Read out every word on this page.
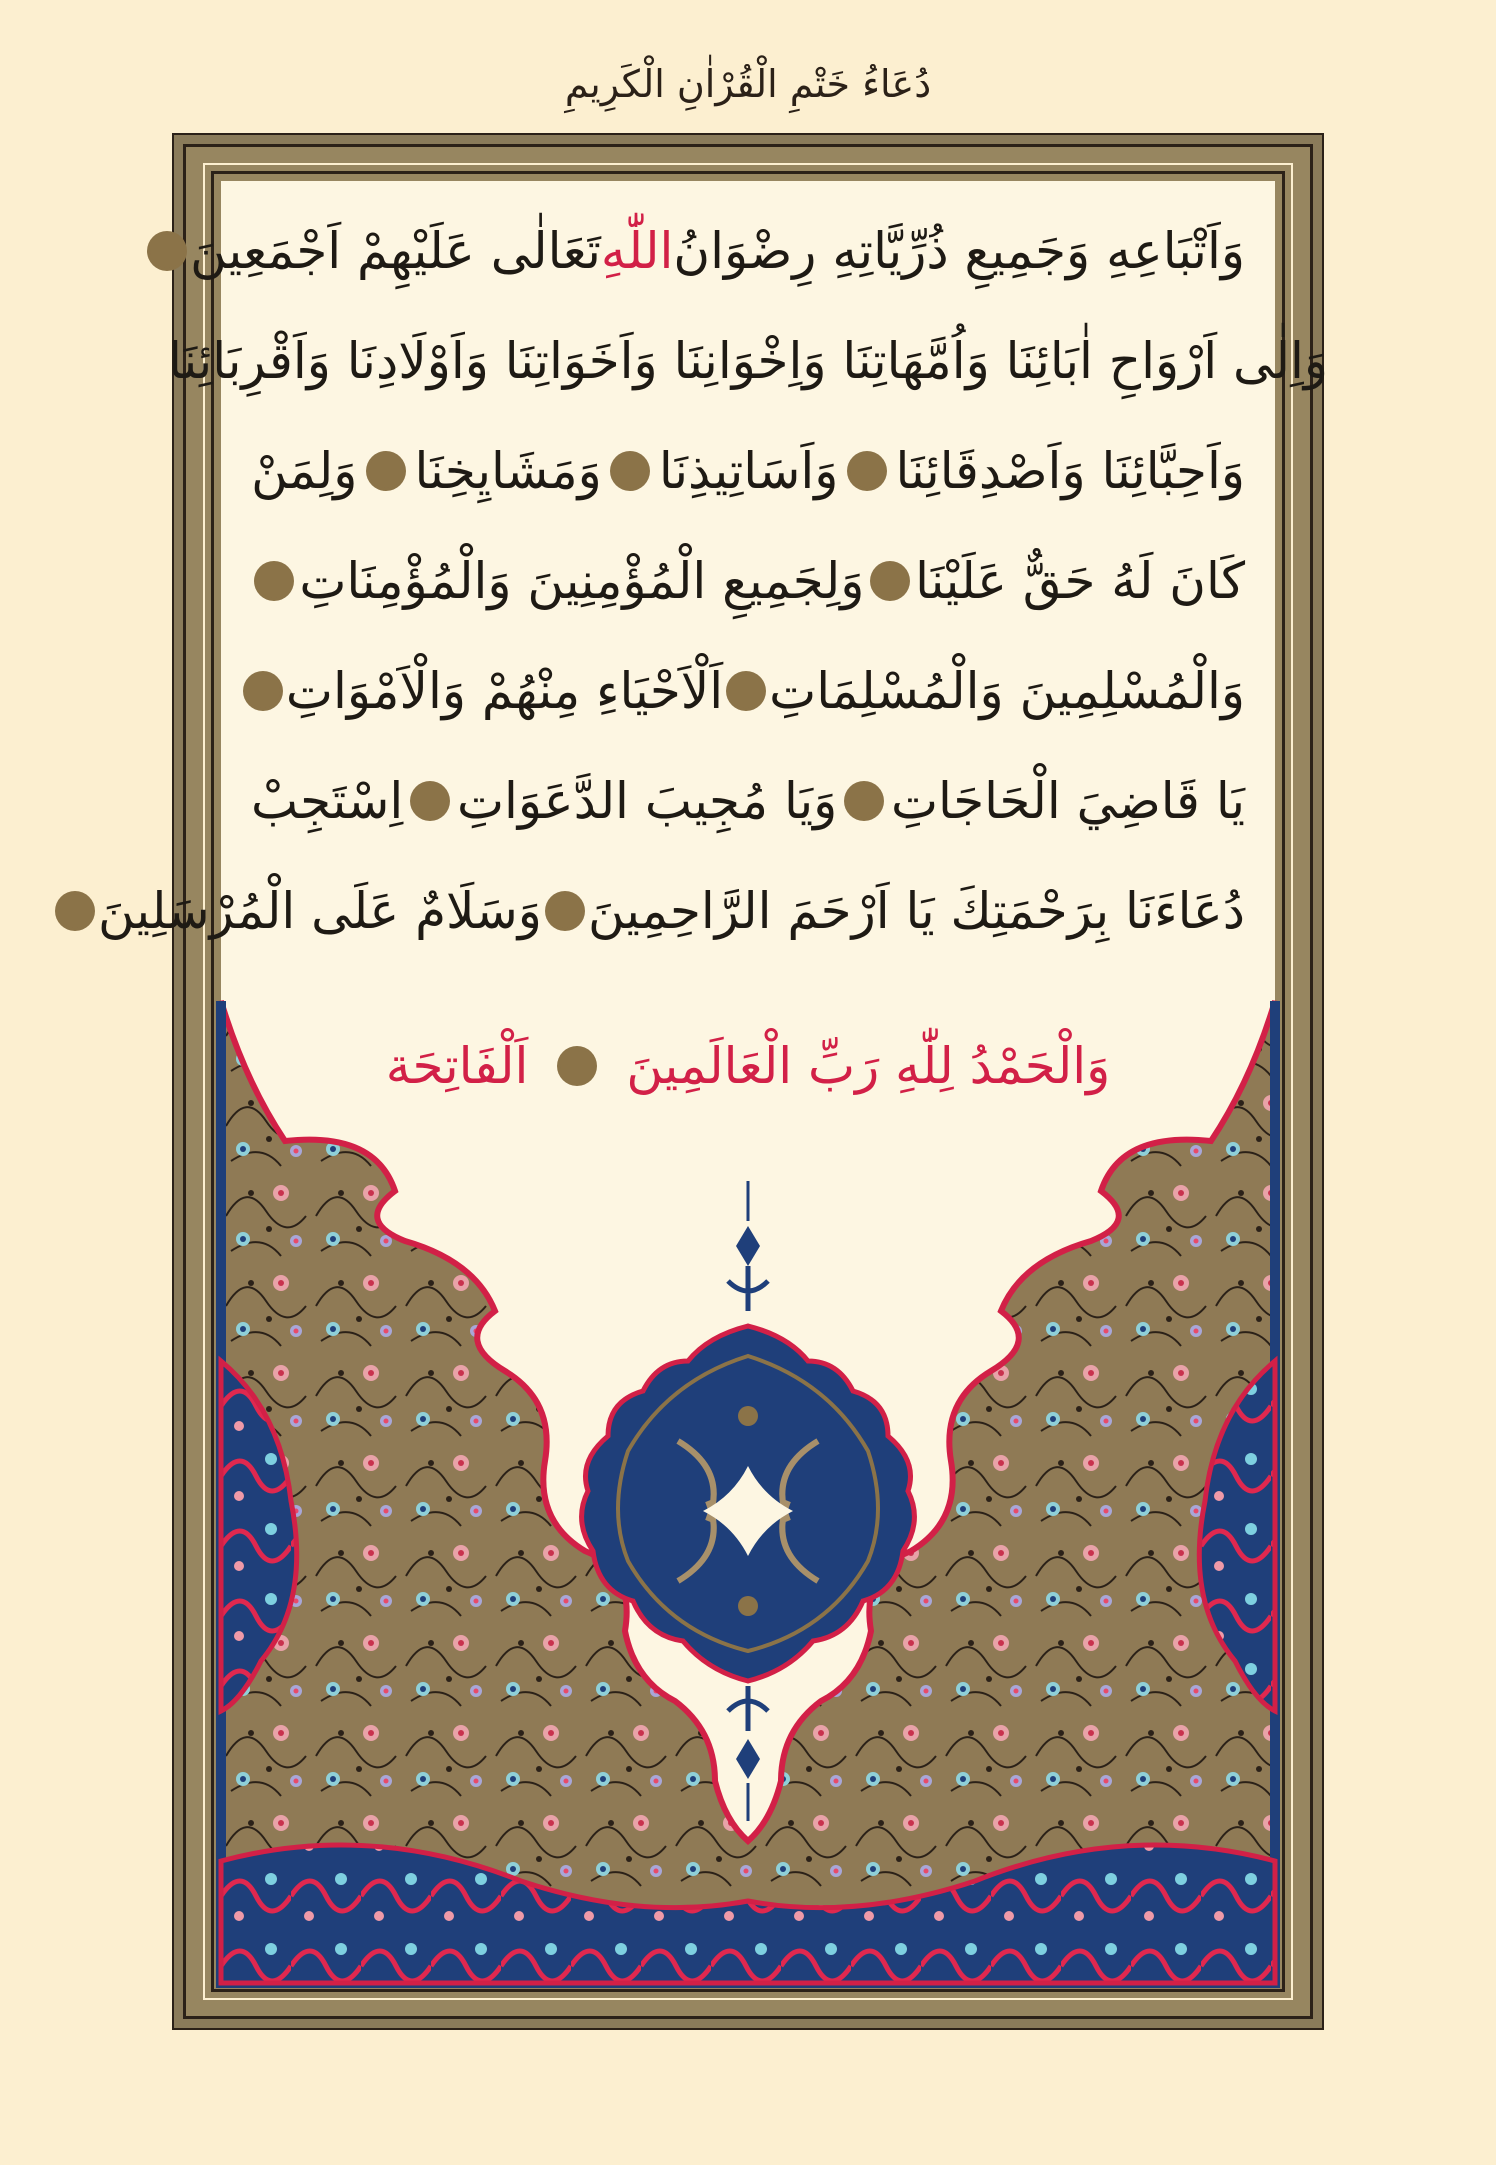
دُعَاءُ خَتْمِ الْقُرْاٰنِ الْكَرِيمِ
وَاَتْبَاعِهِ وَجَمِيعِ ذُرِّيَّاتِهِ رِضْوَانُ
اللّٰهِ
تَعَالٰى عَلَيْهِمْ اَجْمَعِينَ
وَاِلٰى اَرْوَاحِ اٰبَائِنَا وَاُمَّهَاتِنَا وَاِخْوَانِنَا وَاَخَوَاتِنَا وَاَوْلَادِنَا وَاَقْرِبَائِنَا
وَاَحِبَّائِنَا وَاَصْدِقَائِنَا
وَاَسَاتِيذِنَا
وَمَشَايِخِنَا
وَلِمَنْ
كَانَ لَهُ حَقٌّ عَلَيْنَا
وَلِجَمِيعِ الْمُؤْمِنِينَ وَالْمُؤْمِنَاتِ
وَالْمُسْلِمِينَ وَالْمُسْلِمَاتِ
اَلْاَحْيَاءِ مِنْهُمْ وَالْاَمْوَاتِ
يَا قَاضِيَ الْحَاجَاتِ
وَيَا مُجِيبَ الدَّعَوَاتِ
اِسْتَجِبْ
دُعَاءَنَا بِرَحْمَتِكَ يَا اَرْحَمَ الرَّاحِمِينَ
وَسَلَامٌ عَلَى الْمُرْسَلِينَ
وَالْحَمْدُ لِلّٰهِ رَبِّ الْعَالَمِينَ
اَلْفَاتِحَة
